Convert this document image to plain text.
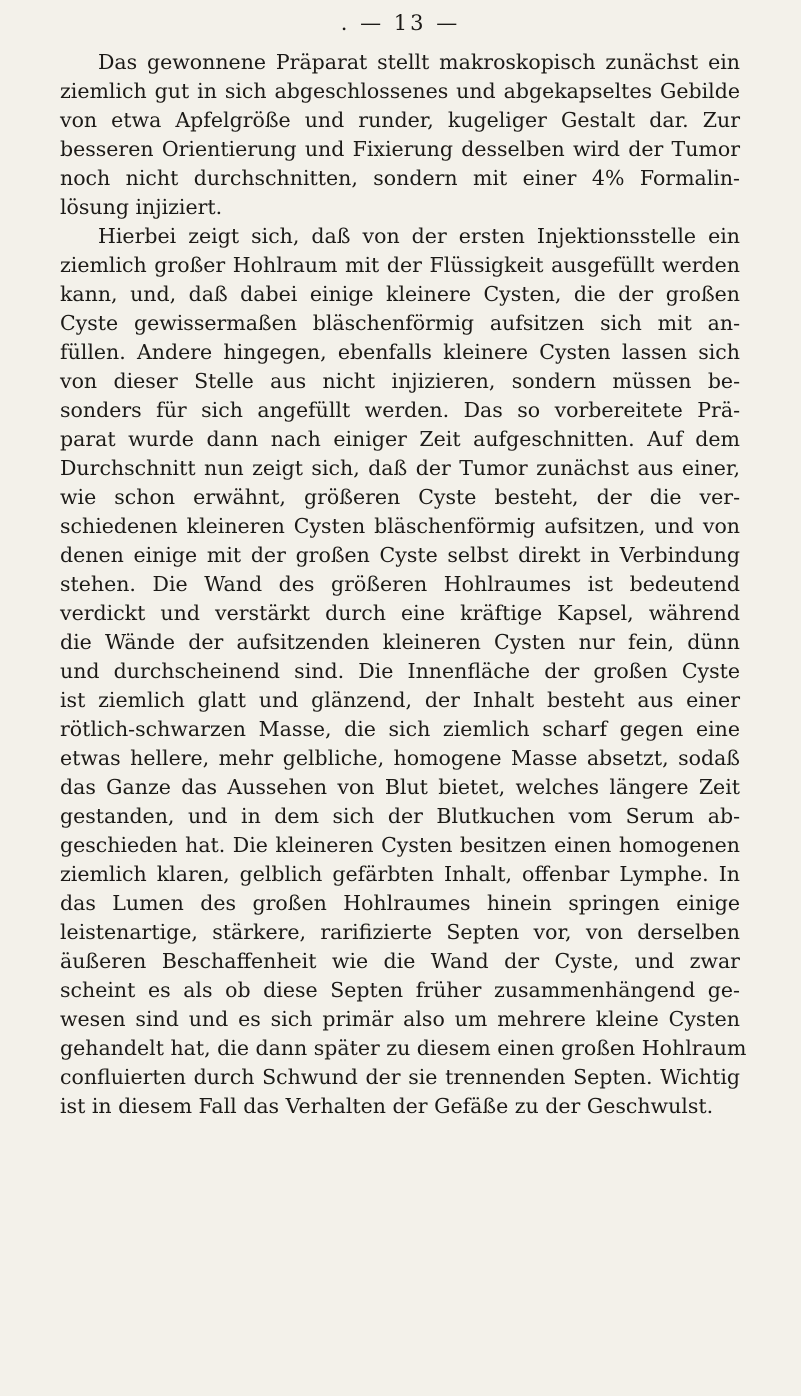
. — 13 —
Das gewonnene Präparat stellt makroskopisch zunächst ein
ziemlich gut in sich abgeschlossenes und abgekapseltes Gebilde
von etwa Apfelgröße und runder, kugeliger Gestalt dar. Zur
besseren Orientierung und Fixierung desselben wird der Tumor
noch nicht durchschnitten, sondern mit einer 4% Formalin-
lösung injiziert.
Hierbei zeigt sich, daß von der ersten Injektionsstelle ein
ziemlich großer Hohlraum mit der Flüssigkeit ausgefüllt werden
kann, und, daß dabei einige kleinere Cysten, die der großen
Cyste gewissermaßen bläschenförmig aufsitzen sich mit an-
füllen. Andere hingegen, ebenfalls kleinere Cysten lassen sich
von dieser Stelle aus nicht injizieren, sondern müssen be-
sonders für sich angefüllt werden. Das so vorbereitete Prä-
parat wurde dann nach einiger Zeit aufgeschnitten. Auf dem
Durchschnitt nun zeigt sich, daß der Tumor zunächst aus einer,
wie schon erwähnt, größeren Cyste besteht, der die ver-
schiedenen kleineren Cysten bläschenförmig aufsitzen, und von
denen einige mit der großen Cyste selbst direkt in Verbindung
stehen. Die Wand des größeren Hohlraumes ist bedeutend
verdickt und verstärkt durch eine kräftige Kapsel, während
die Wände der aufsitzenden kleineren Cysten nur fein, dünn
und durchscheinend sind. Die Innenfläche der großen Cyste
ist ziemlich glatt und glänzend, der Inhalt besteht aus einer
rötlich-schwarzen Masse, die sich ziemlich scharf gegen eine
etwas hellere, mehr gelbliche, homogene Masse absetzt, sodaß
das Ganze das Aussehen von Blut bietet, welches längere Zeit
gestanden, und in dem sich der Blutkuchen vom Serum ab-
geschieden hat. Die kleineren Cysten besitzen einen homogenen
ziemlich klaren, gelblich gefärbten Inhalt, offenbar Lymphe. In
das Lumen des großen Hohlraumes hinein springen einige
leistenartige, stärkere, rarifizierte Septen vor, von derselben
äußeren Beschaffenheit wie die Wand der Cyste, und zwar
scheint es als ob diese Septen früher zusammenhängend ge-
wesen sind und es sich primär also um mehrere kleine Cysten
gehandelt hat, die dann später zu diesem einen großen Hohlraum
confluierten durch Schwund der sie trennenden Septen. Wichtig
ist in diesem Fall das Verhalten der Gefäße zu der Geschwulst.
